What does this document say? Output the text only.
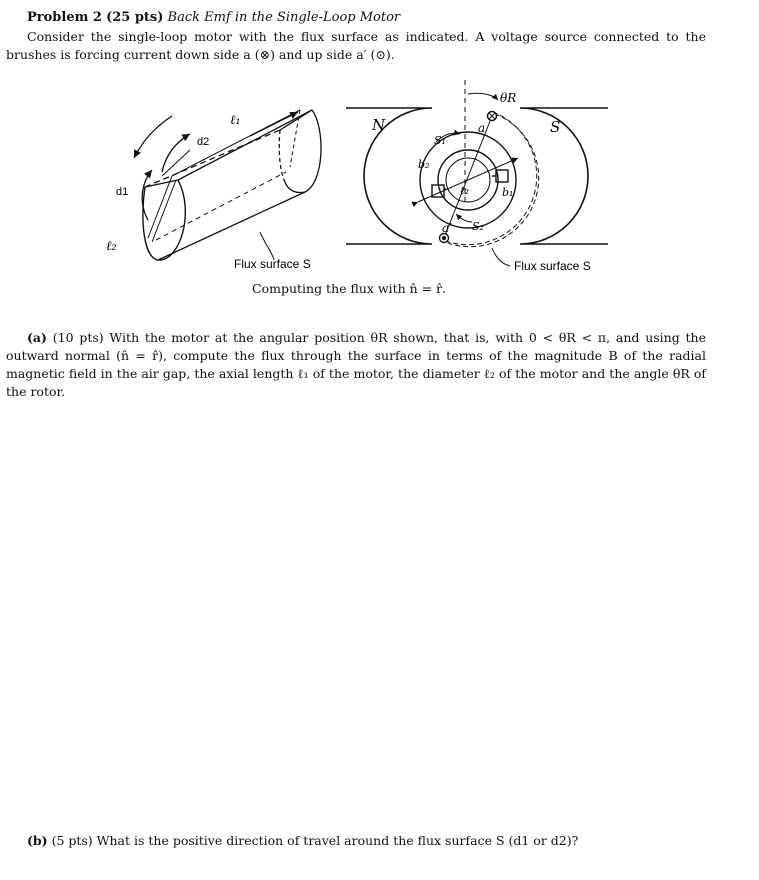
Problem 2 (25 pts) Back Emf in the Single-Loop Motor
Consider the single-loop motor with the flux surface as indicated. A voltage source connected to the brushes is forcing current down side a (⊗) and up side a′ (⊙).
ℓ₁
d2
d1
ℓ₂
Flux surface S
N	S
θR
a
a′
S₁
S₂
b₁
b₂
ℓ₂
Flux surface S
Computing the flux with n̂ = r̂.
(a) (10 pts) With the motor at the angular position θR shown, that is, with 0 < θR < π, and using the outward normal (n̂ = r̂), compute the flux through the surface in terms of the magnitude B of the radial magnetic field in the air gap, the axial length ℓ₁ of the motor, the diameter ℓ₂ of the motor and the angle θR of the rotor.
(b) (5 pts) What is the positive direction of travel around the flux surface S (d1 or d2)?
